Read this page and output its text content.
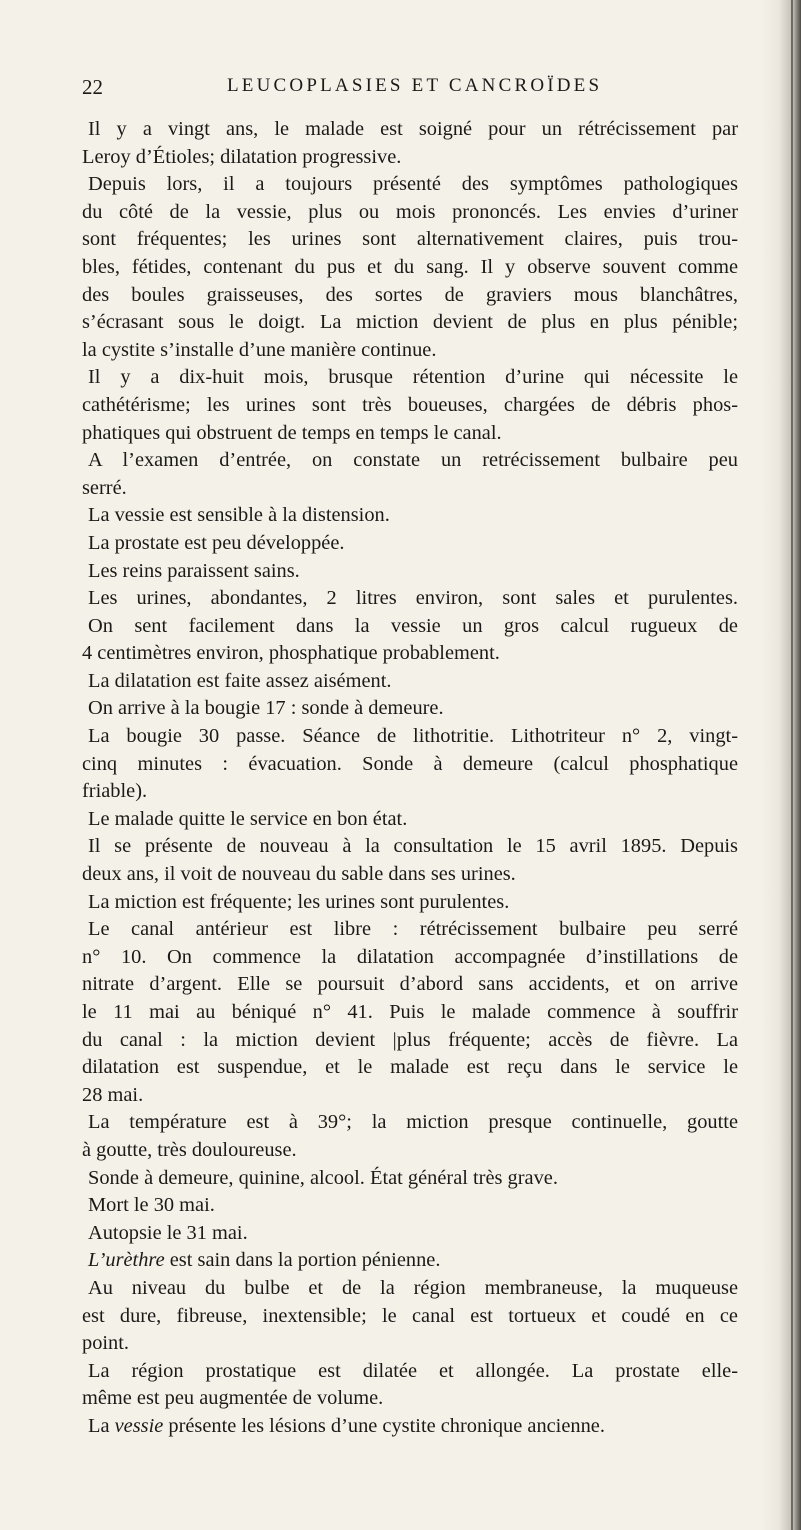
22	LEUCOPLASIES ET CANCROÏDES
Il y a vingt ans, le malade est soigné pour un rétrécissement par
Leroy d’Étioles; dilatation progressive.
Depuis lors, il a toujours présenté des symptômes pathologiques
du côté de la vessie, plus ou mois prononcés. Les envies d’uriner
sont fréquentes; les urines sont alternativement claires, puis trou-
bles, fétides, contenant du pus et du sang. Il y observe souvent comme
des boules graisseuses, des sortes de graviers mous blanchâtres,
s’écrasant sous le doigt. La miction devient de plus en plus pénible;
la cystite s’installe d’une manière continue.
Il y a dix-huit mois, brusque rétention d’urine qui nécessite le
cathétérisme; les urines sont très boueuses, chargées de débris phos-
phatiques qui obstruent de temps en temps le canal.
A l’examen d’entrée, on constate un retrécissement bulbaire peu
serré.
La vessie est sensible à la distension.
La prostate est peu développée.
Les reins paraissent sains.
Les urines, abondantes, 2 litres environ, sont sales et purulentes.
On sent facilement dans la vessie un gros calcul rugueux de
4 centimètres environ, phosphatique probablement.
La dilatation est faite assez aisément.
On arrive à la bougie 17 : sonde à demeure.
La bougie 30 passe. Séance de lithotritie. Lithotriteur n° 2, vingt-
cinq minutes : évacuation. Sonde à demeure (calcul phosphatique
friable).
Le malade quitte le service en bon état.
Il se présente de nouveau à la consultation le 15 avril 1895. Depuis
deux ans, il voit de nouveau du sable dans ses urines.
La miction est fréquente; les urines sont purulentes.
Le canal antérieur est libre : rétrécissement bulbaire peu serré
n° 10. On commence la dilatation accompagnée d’instillations de
nitrate d’argent. Elle se poursuit d’abord sans accidents, et on arrive
le 11 mai au béniqué n° 41. Puis le malade commence à souffrir
du canal : la miction devient |plus fréquente; accès de fièvre. La
dilatation est suspendue, et le malade est reçu dans le service le
28 mai.
La température est à 39°; la miction presque continuelle, goutte
à goutte, très douloureuse.
Sonde à demeure, quinine, alcool. État général très grave.
Mort le 30 mai.
Autopsie le 31 mai.
L’urèthre est sain dans la portion pénienne.
Au niveau du bulbe et de la région membraneuse, la muqueuse
est dure, fibreuse, inextensible; le canal est tortueux et coudé en ce
point.
La région prostatique est dilatée et allongée. La prostate elle-
même est peu augmentée de volume.
La vessie présente les lésions d’une cystite chronique ancienne.
